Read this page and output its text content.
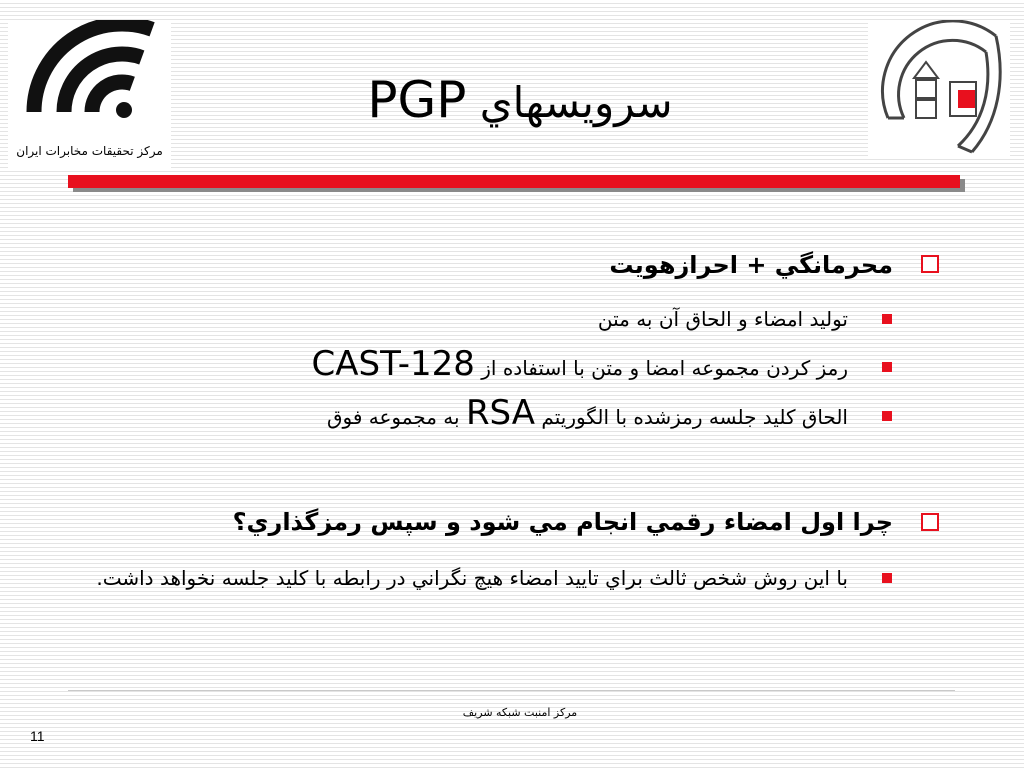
مرکز تحقیقات مخابرات ایران
سرويسهاي PGP
محرمانگي + احرازهويت
توليد امضاء و الحاق آن به متن
رمز کردن مجموعه امضا و متن با استفاده از CAST-128
الحاق کليد جلسه رمزشده با الگوريتم RSA به مجموعه فوق
چرا اول امضاء رقمي انجام مي شود و سپس رمزگذاري؟
با اين روش شخص ثالث براي تاييد امضاء هيچ نگراني در رابطه با کليد جلسه نخواهد داشت.
مرکز امنبت شبکه شریف
11
